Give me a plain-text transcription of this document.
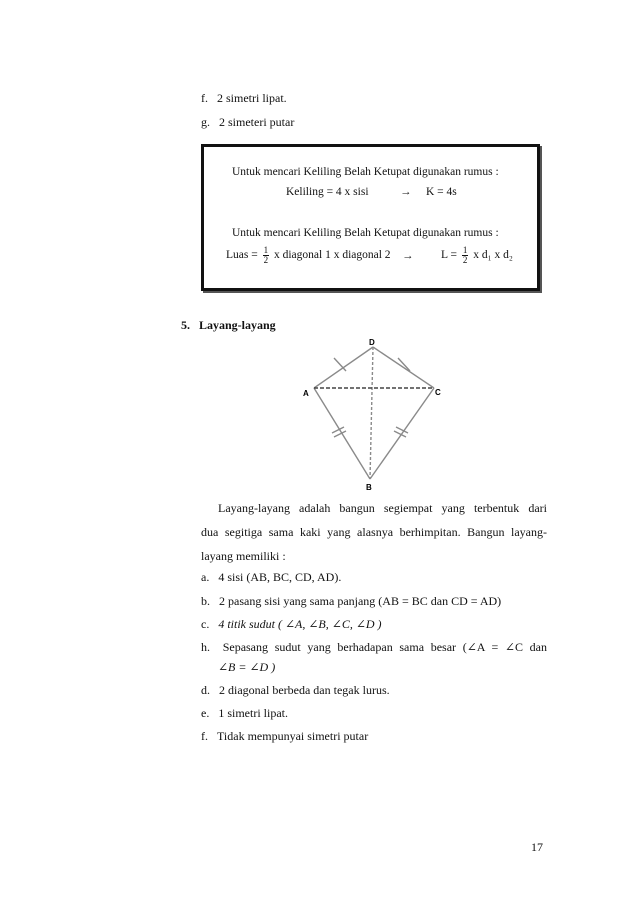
f. 2 simetri lipat.
g. 2 simeteri putar
Untuk mencari Keliling Belah Ketupat digunakan rumus :
Keliling = 4 x sisi	→ K = 4s
Untuk mencari Keliling Belah Ketupat digunakan rumus :
Luas = $\frac{1}{2}$ x diagonal 1 x diagonal $2 \to L = \frac{1}{2}$ x d₁ x d₂
5. Layang-layang
D
A	C
B
Layang-layang adalah bangun segiempat yang terbentuk dari
dua segitiga sama kaki yang alasnya berhimpitan. Bangun layang-
layang memiliki :
a. 4 sisi (AB, BC, CD, AD).
b. 2 pasang sisi yang sama panjang (AB = BC dan CD = AD)
c. 4 titik sudut ( ∠A, ∠B, ∠C, ∠D )
h. Sepasang sudut yang berhadapan sama besar (∠A = ∠C dan
∠B = ∠D )
d. 2 diagonal berbeda dan tegak lurus.
e. 1 simetri lipat.
f. Tidak mempunyai simetri putar
17
